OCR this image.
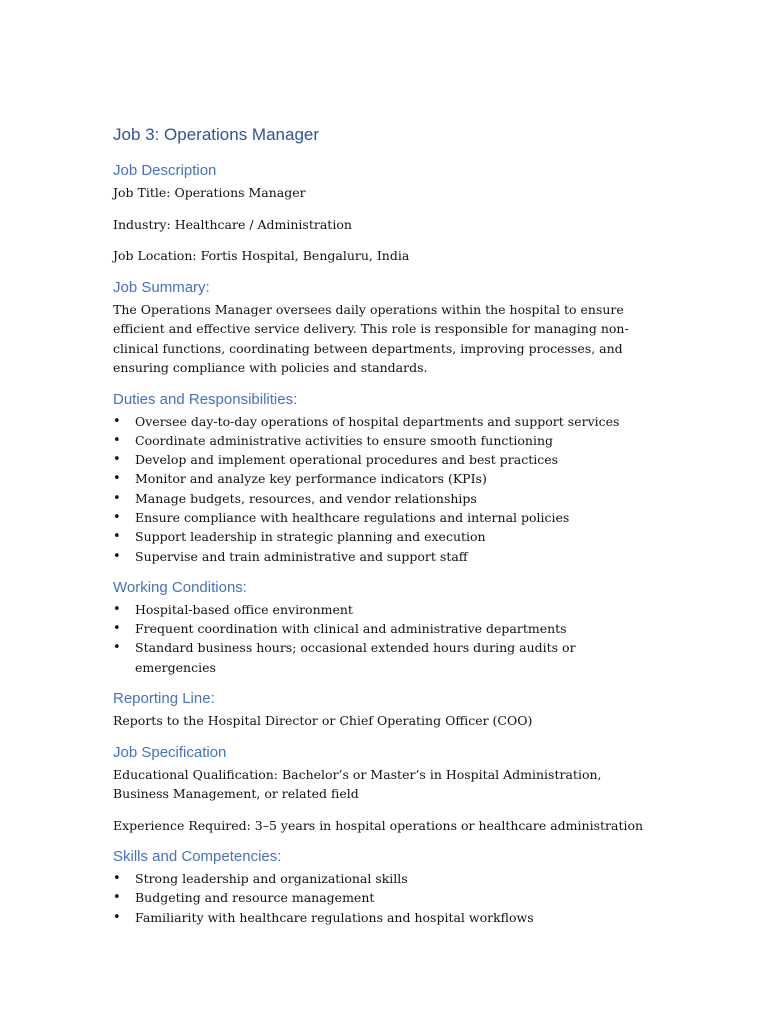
Job 3: Operations Manager
Job Description
Job Title: Operations Manager
Industry: Healthcare / Administration
Job Location: Fortis Hospital, Bengaluru, India
Job Summary:
The Operations Manager oversees daily operations within the hospital to ensure efficient and effective service delivery. This role is responsible for managing non-clinical functions, coordinating between departments, improving processes, and ensuring compliance with policies and standards.
Duties and Responsibilities:
• Oversee day-to-day operations of hospital departments and support services
• Coordinate administrative activities to ensure smooth functioning
• Develop and implement operational procedures and best practices
• Monitor and analyze key performance indicators (KPIs)
• Manage budgets, resources, and vendor relationships
• Ensure compliance with healthcare regulations and internal policies
• Support leadership in strategic planning and execution
• Supervise and train administrative and support staff
Working Conditions:
• Hospital-based office environment
• Frequent coordination with clinical and administrative departments
• Standard business hours; occasional extended hours during audits or emergencies
Reporting Line:
Reports to the Hospital Director or Chief Operating Officer (COO)
Job Specification
Educational Qualification: Bachelor’s or Master’s in Hospital Administration, Business Management, or related field
Experience Required: 3–5 years in hospital operations or healthcare administration
Skills and Competencies:
• Strong leadership and organizational skills
• Budgeting and resource management
• Familiarity with healthcare regulations and hospital workflows
